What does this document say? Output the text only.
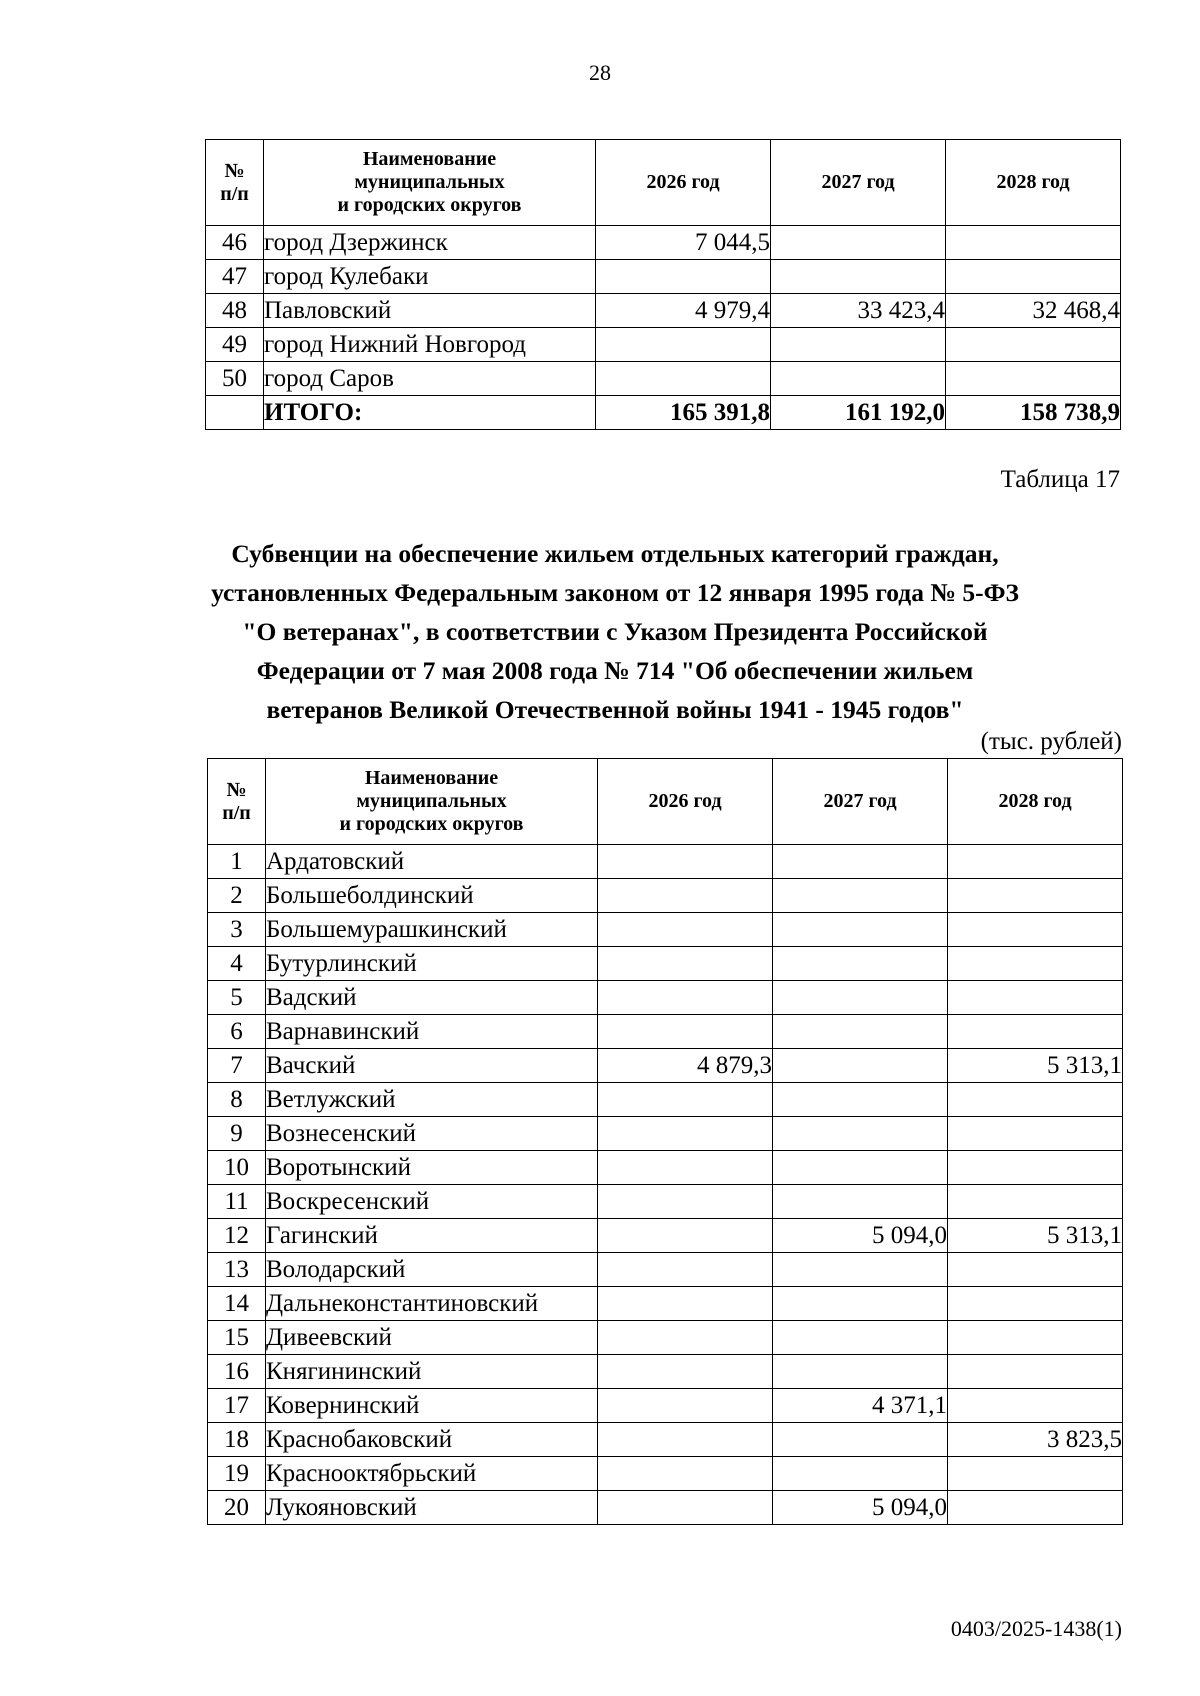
28
№
п/п	Наименование
муниципальных
и городских округов	2026 год	2027 год	2028 год
46	город Дзержинск	7 044,5		
47	город Кулебаки			
48	Павловский	4 979,4	33 423,4	32 468,4
49	город Нижний Новгород			
50	город Саров			
	ИТОГО:	165 391,8	161 192,0	158 738,9
Таблица 17
Субвенции на обеспечение жильем отдельных категорий граждан,
установленных Федеральным законом от 12 января 1995 года № 5-ФЗ
"О ветеранах", в соответствии с Указом Президента Российской
Федерации от 7 мая 2008 года № 714 "Об обеспечении жильем
ветеранов Великой Отечественной войны 1941 - 1945 годов"
(тыс. рублей)
№
п/п	Наименование
муниципальных
и городских округов	2026 год	2027 год	2028 год
1	Ардатовский			
2	Большеболдинский			
3	Большемурашкинский			
4	Бутурлинский			
5	Вадский			
6	Варнавинский			
7	Вачский	4 879,3		5 313,1
8	Ветлужский			
9	Вознесенский			
10	Воротынский			
11	Воскресенский			
12	Гагинский		5 094,0	5 313,1
13	Володарский			
14	Дальнеконстантиновский			
15	Дивеевский			
16	Княгининский			
17	Ковернинский		4 371,1	
18	Краснобаковский			3 823,5
19	Краснооктябрьский			
20	Лукояновский		5 094,0	
0403/2025-1438(1)
